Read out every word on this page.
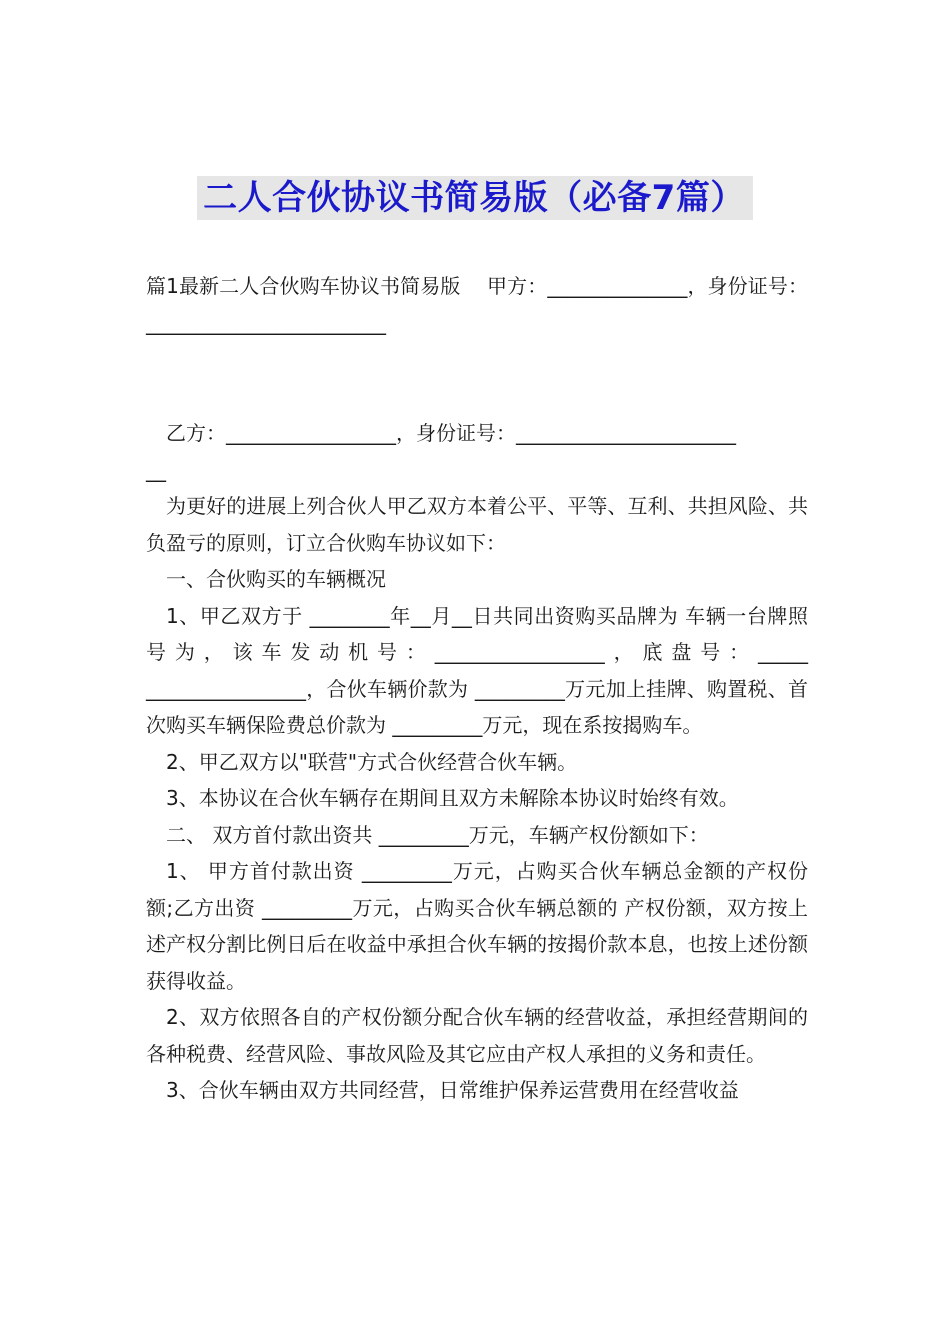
二人合伙协议书简易版（必备7篇）

篇1最新二人合伙购车协议书简易版　 甲方：______________，身份证号：________________________

乙方：_________________，身份证号：______________________

__

为更好的进展上列合伙人甲乙双方本着公平、平等、互利、共担风险、共负盈亏的原则，订立合伙购车协议如下：

一、合伙购买的车辆概况

1、甲乙双方于 ________年__月__日共同出资购买品牌为 车辆一台牌照号为，该车发动机号：_________________，底盘号：_____ ________________，合伙车辆价款为 _________万元加上挂牌、购置税、首次购买车辆保险费总价款为 _________万元，现在系按揭购车。

2、甲乙双方以"联营"方式合伙经营合伙车辆。

3、本协议在合伙车辆存在期间且双方未解除本协议时始终有效。

二、 双方首付款出资共 _________万元，车辆产权份额如下：

1、 甲方首付款出资 _________万元，占购买合伙车辆总金额的产权份额;乙方出资 _________万元，占购买合伙车辆总额的 产权份额，双方按上述产权分割比例日后在收益中承担合伙车辆的按揭价款本息，也按上述份额获得收益。

2、双方依照各自的产权份额分配合伙车辆的经营收益，承担经营期间的各种税费、经营风险、事故风险及其它应由产权人承担的义务和责任。

3、合伙车辆由双方共同经营，日常维护保养运营费用在经营收益
